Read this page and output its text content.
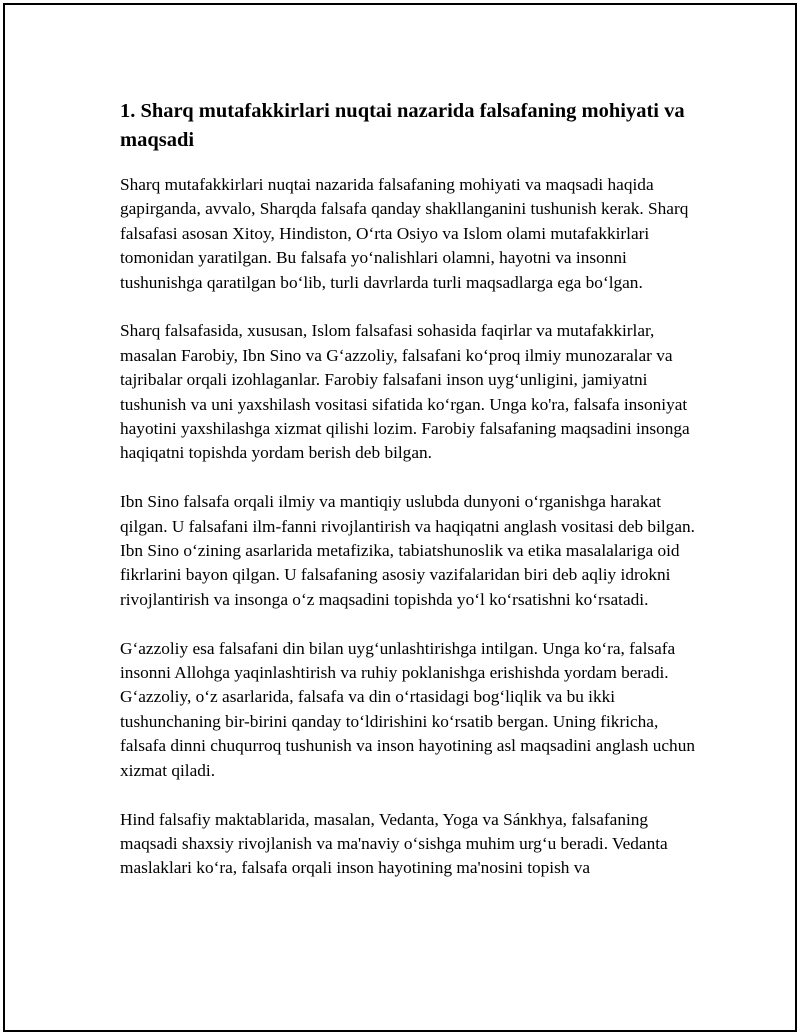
1. Sharq mutafakkirlari nuqtai nazarida falsafaning mohiyati va maqsadi

Sharq mutafakkirlari nuqtai nazarida falsafaning mohiyati va maqsadi haqida gapirganda, avvalo, Sharqda falsafa qanday shakllanganini tushunish kerak. Sharq falsafasi asosan Xitoy, Hindiston, O‘rta Osiyo va Islom olami mutafakkirlari tomonidan yaratilgan. Bu falsafa yo‘nalishlari olamni, hayotni va insonni tushunishga qaratilgan bo‘lib, turli davrlarda turli maqsadlarga ega bo‘lgan.

Sharq falsafasida, xususan, Islom falsafasi sohasida faqirlar va mutafakkirlar, masalan Farobiy, Ibn Sino va G‘azzoliy, falsafani ko‘proq ilmiy munozaralar va tajribalar orqali izohlaganlar. Farobiy falsafani inson uyg‘unligini, jamiyatni tushunish va uni yaxshilash vositasi sifatida ko‘rgan. Unga ko'ra, falsafa insoniyat hayotini yaxshilashga xizmat qilishi lozim. Farobiy falsafaning maqsadini insonga haqiqatni topishda yordam berish deb bilgan.

Ibn Sino falsafa orqali ilmiy va mantiqiy uslubda dunyoni o‘rganishga harakat qilgan. U falsafani ilm-fanni rivojlantirish va haqiqatni anglash vositasi deb bilgan. Ibn Sino o‘zining asarlarida metafizika, tabiatshunoslik va etika masalalariga oid fikrlarini bayon qilgan. U falsafaning asosiy vazifalaridan biri deb aqliy idrokni rivojlantirish va insonga o‘z maqsadini topishda yo‘l ko‘rsatishni ko‘rsatadi.

G‘azzoliy esa falsafani din bilan uyg‘unlashtirishga intilgan. Unga ko‘ra, falsafa insonni Allohga yaqinlashtirish va ruhiy poklanishga erishishda yordam beradi. G‘azzoliy, o‘z asarlarida, falsafa va din o‘rtasidagi bog‘liqlik va bu ikki tushunchaning bir-birini qanday to‘ldirishini ko‘rsatib bergan. Uning fikricha, falsafa dinni chuqurroq tushunish va inson hayotining asl maqsadini anglash uchun xizmat qiladi.

Hind falsafiy maktablarida, masalan, Vedanta, Yoga va Sánkhya, falsafaning maqsadi shaxsiy rivojlanish va ma'naviy o‘sishga muhim urg‘u beradi. Vedanta maslaklari ko‘ra, falsafa orqali inson hayotining ma'nosini topish va
